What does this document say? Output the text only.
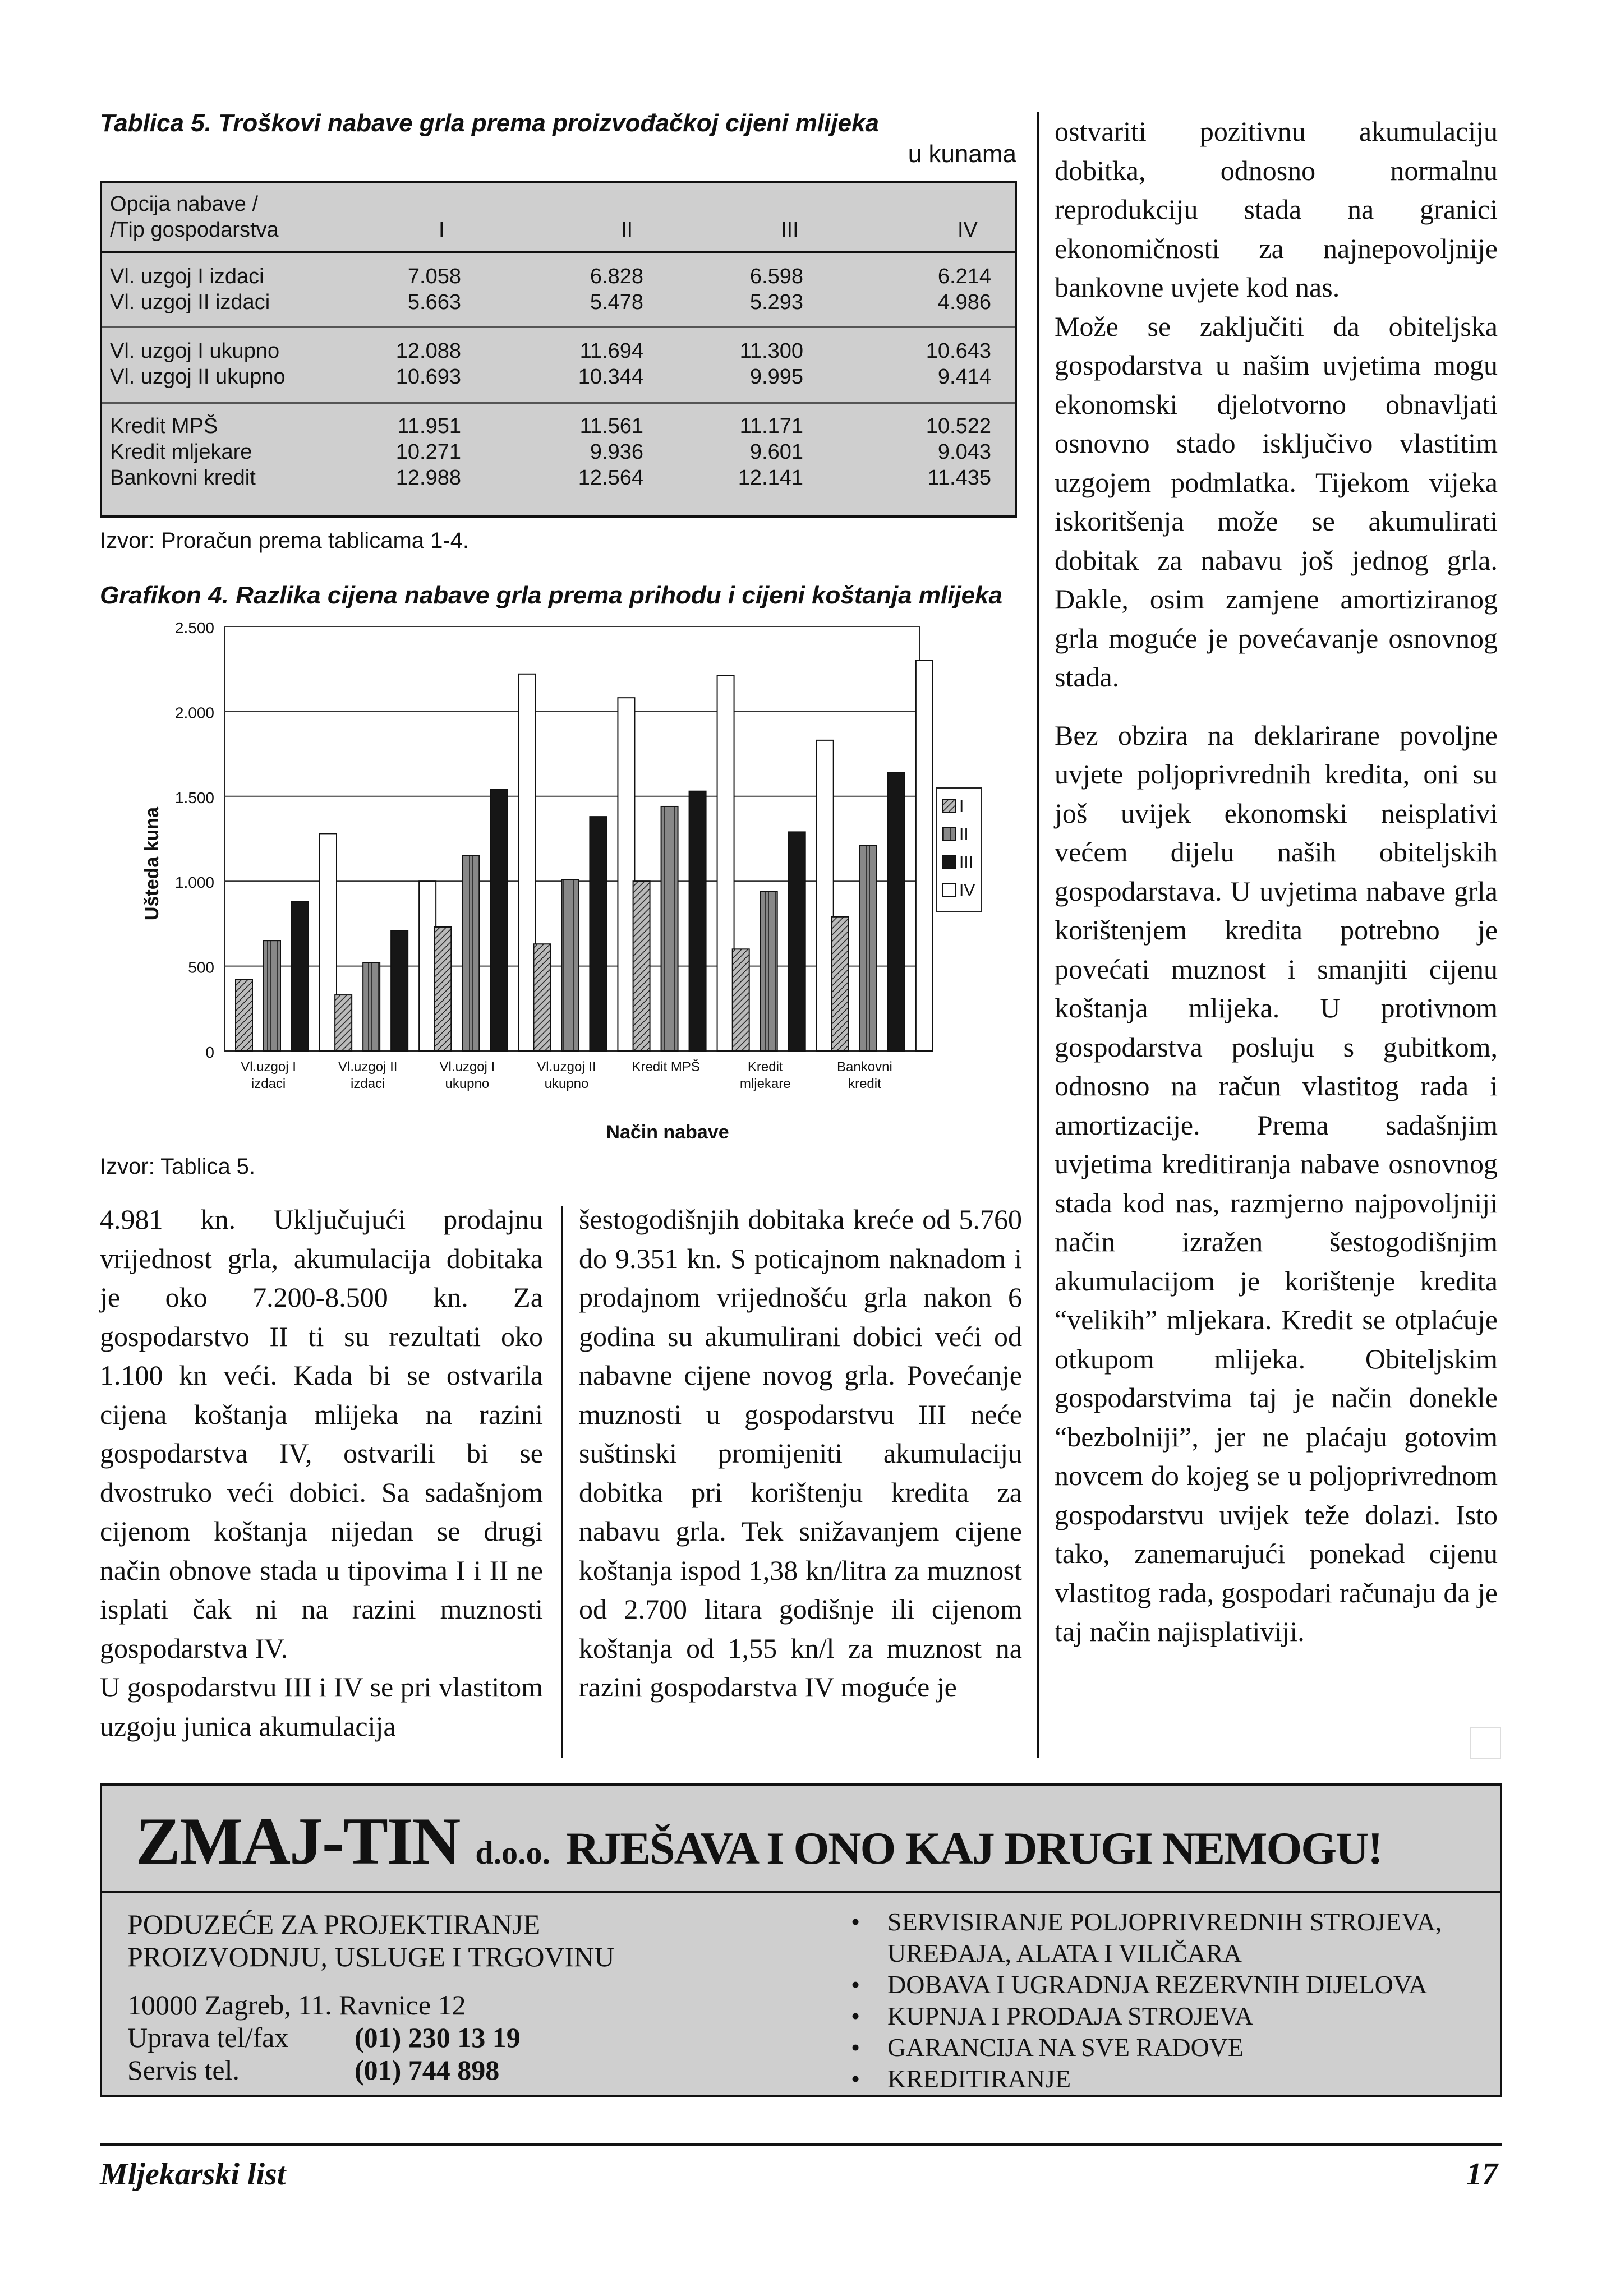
Tablica 5. Troškovi nabave grla prema proizvođačkoj cijeni mlijeka
u kunama
Opcija nabave /
/Tip gospodarstva	I	II	III	IV
Vl. uzgoj I izdaci	7.058	6.828	6.598	6.214
Vl. uzgoj II izdaci	5.663	5.478	5.293	4.986
Vl. uzgoj I ukupno	12.088	11.694	11.300	10.643
Vl. uzgoj II ukupno	10.693	10.344	9.995	9.414
Kredit MPŠ	11.951	11.561	11.171	10.522
Kredit mljekare	10.271	9.936	9.601	9.043
Bankovni kredit	12.988	12.564	12.141	11.435
Izvor: Proračun prema tablicama 1-4.
Grafikon 4. Razlika cijena nabave grla prema prihodu i cijeni koštanja mlijeka
0
500
1.000
1.500
2.000
2.500
Vl.uzgoj I
izdaci
Vl.uzgoj II
izdaci
Vl.uzgoj I
ukupno
Vl.uzgoj II
ukupno
Kredit MPŠ	Kredit
mljekare
Bankovni
kredit
Način nabave
Ušteda kuna
I
II
III
IV
Izvor: Tablica 5.

4.981 kn. Uključujući prodajnu vrijednost grla, akumulacija dobitaka je oko 7.200-8.500 kn. Za gospodarstvo II ti su rezultati oko 1.100 kn veći. Kada bi se ostvarila cijena koštanja mlijeka na razini gospodarstva IV, ostvarili bi se dvostruko veći dobici. Sa sadašnjom cijenom koštanja nijedan se drugi način obnove stada u tipovima I i II ne isplati čak ni na razini muznosti gospodarstva IV.

U gospodarstvu III i IV se pri vlastitom uzgoju junica akumulacija

šestogodišnjih dobitaka kreće od 5.760 do 9.351 kn. S poticajnom naknadom i prodajnom vrijednošću grla nakon 6 godina su akumulirani dobici veći od nabavne cijene novog grla. Povećanje muznosti u gospodarstvu III neće suštinski promijeniti akumulaciju dobitka pri korištenju kredita za nabavu grla. Tek snižavanjem cijene koštanja ispod 1,38 kn/litra za muznost od 2.700 litara godišnje ili cijenom koštanja od 1,55 kn/l za muznost na razini gospodarstva IV moguće je

ostvariti pozitivnu akumulaciju dobitka, odnosno normalnu reprodukciju stada na granici ekonomičnosti za najnepovoljnije bankovne uvjete kod nas.

Može se zaključiti da obiteljska gospodarstva u našim uvjetima mogu ekonomski djelotvorno obnavljati osnovno stado isključivo vlastitim uzgojem podmlatka. Tijekom vijeka iskoritšenja može se akumulirati dobitak za nabavu još jednog grla. Dakle, osim zamjene amortiziranog grla moguće je povećavanje osnovnog stada.

Bez obzira na deklarirane povoljne uvjete poljoprivrednih kredita, oni su još uvijek ekonomski neisplativi većem dijelu naših obiteljskih gospodarstava. U uvjetima nabave grla korištenjem kredita potrebno je povećati muznost i smanjiti cijenu koštanja mlijeka. U protivnom gospodarstva posluju s gubitkom, odnosno na račun vlastitog rada i amortizacije. Prema sadašnjim uvjetima kreditiranja nabave osnovnog stada kod nas, razmjerno najpovoljniji način izražen šestogodišnjim akumulacijom je korištenje kredita “velikih” mljekara. Kredit se otplaćuje otkupom mlijeka. Obiteljskim gospodarstvima taj je način donekle “bezbolniji”, jer ne plaćaju gotovim novcem do kojeg se u poljoprivrednom gospodarstvu uvijek teže dolazi. Isto tako, zanemarujući ponekad cijenu vlastitog rada, gospodari računaju da je taj način najisplativiji.

ZMAJ-TIN d.o.o. RJEŠAVA I ONO KAJ DRUGI NEMOGU!
PODUZEĆE ZA PROJEKTIRANJE
PROIZVODNJU, USLUGE I TRGOVINU
10000 Zagreb, 11. Ravnice 12
Uprava tel/fax (01) 230 13 19
Servis tel.	(01) 744 898
• SERVISIRANJE POLJOPRIVREDNIH STROJEVA, UREĐAJA, ALATA I VILIČARA
• DOBAVA I UGRADNJA REZERVNIH DIJELOVA
• KUPNJA I PRODAJA STROJEVA
• GARANCIJA NA SVE RADOVE
• KREDITIRANJE
Mljekarski list	17
